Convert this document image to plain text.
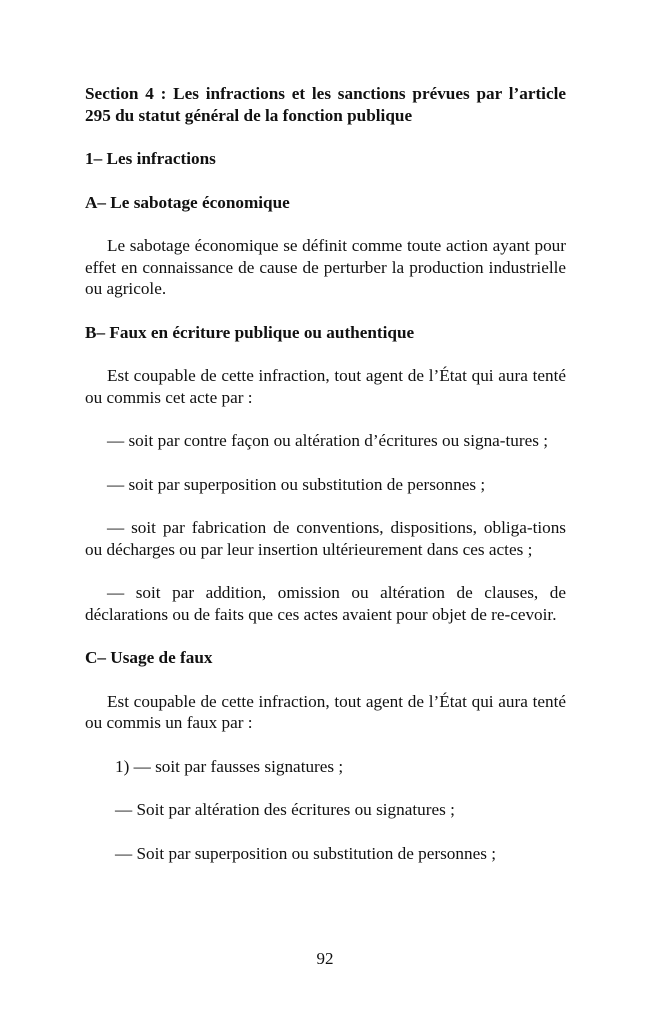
Section 4 : Les infractions et les sanctions prévues par l’article 295 du statut général de la fonction publique

1– Les infractions

A– Le sabotage économique

Le sabotage économique se définit comme toute action ayant pour effet en connaissance de cause de perturber la production industrielle ou agricole.

B– Faux en écriture publique ou authentique

Est coupable de cette infraction, tout agent de l’État qui aura tenté ou commis cet acte par :

— soit par contre façon ou altération d’écritures ou signa-tures ;

— soit par superposition ou substitution de personnes ;

— soit par fabrication de conventions, dispositions, obliga-tions ou décharges ou par leur insertion ultérieurement dans ces actes ;

— soit par addition, omission ou altération de clauses, de déclarations ou de faits que ces actes avaient pour objet de re-cevoir.

C– Usage de faux

Est coupable de cette infraction, tout agent de l’État qui aura tenté ou commis un faux par :

1) — soit par fausses signatures ;

— Soit par altération des écritures ou signatures ;

— Soit par superposition ou substitution de personnes ;

92
